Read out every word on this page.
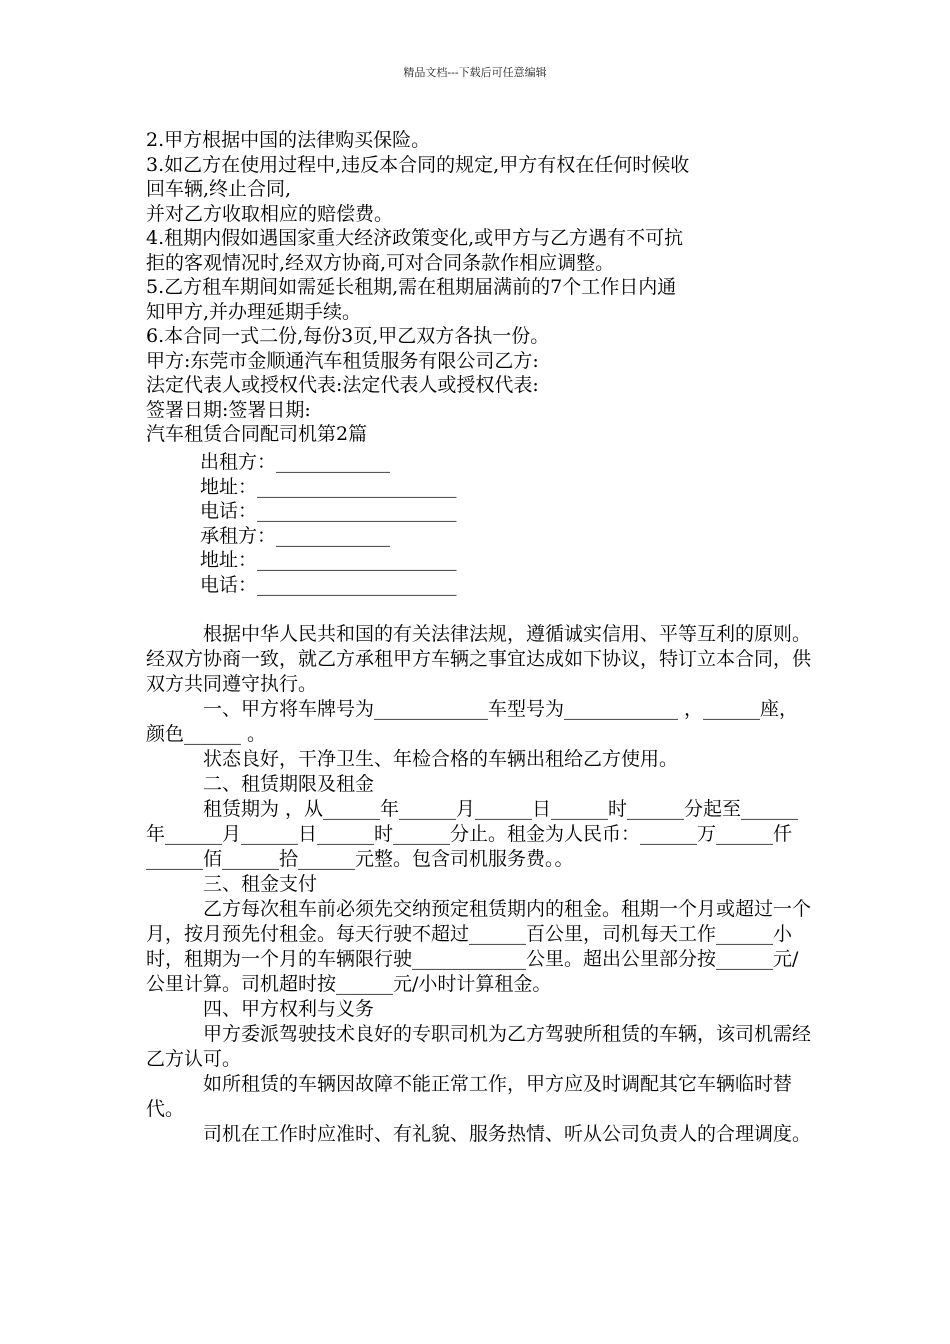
精品文档---下载后可任意编辑
2.甲方根据中国的法律购买保险。
3.如乙方在使用过程中,违反本合同的规定,甲方有权在任何时候收
回车辆,终止合同,
并对乙方收取相应的赔偿费。
4.租期内假如遇国家重大经济政策变化,或甲方与乙方遇有不可抗
拒的客观情况时,经双方协商,可对合同条款作相应调整。
5.乙方租车期间如需延长租期,需在租期届满前的7个工作日内通
知甲方,并办理延期手续。
6.本合同一式二份,每份3页,甲乙双方各执一份。
甲方:东莞市金顺通汽车租赁服务有限公司乙方:
法定代表人或授权代表:法定代表人或授权代表:
签署日期:签署日期:
汽车租赁合同配司机第2篇
出租方：____________
地址：_____________________
电话：_____________________
承租方：____________
地址：_____________________
电话：_____________________

根据中华人民共和国的有关法律法规，遵循诚实信用、平等互利的原则。经双方协商一致，就乙方承租甲方车辆之事宜达成如下协议，特订立本合同，供双方共同遵守执行。

一、甲方将车牌号为____________车型号为____________ ，______座，颜色______ 。

状态良好，干净卫生、年检合格的车辆出租给乙方使用。

二、租赁期限及租金

租赁期为 ，从______年______月______日______时______分起至______年______月______日______时______分止。租金为人民币：______万______仟______佰______拾______元整。包含司机服务费。。

三、租金支付

乙方每次租车前必须先交纳预定租赁期内的租金。租期一个月或超过一个月，按月预先付租金。每天行驶不超过______百公里，司机每天工作______小时，租期为一个月的车辆限行驶____________公里。超出公里部分按______元/公里计算。司机超时按______元/小时计算租金。

四、甲方权利与义务

甲方委派驾驶技术良好的专职司机为乙方驾驶所租赁的车辆，该司机需经乙方认可。

如所租赁的车辆因故障不能正常工作，甲方应及时调配其它车辆临时替代。

司机在工作时应准时、有礼貌、服务热情、听从公司负责人的合理调度。
